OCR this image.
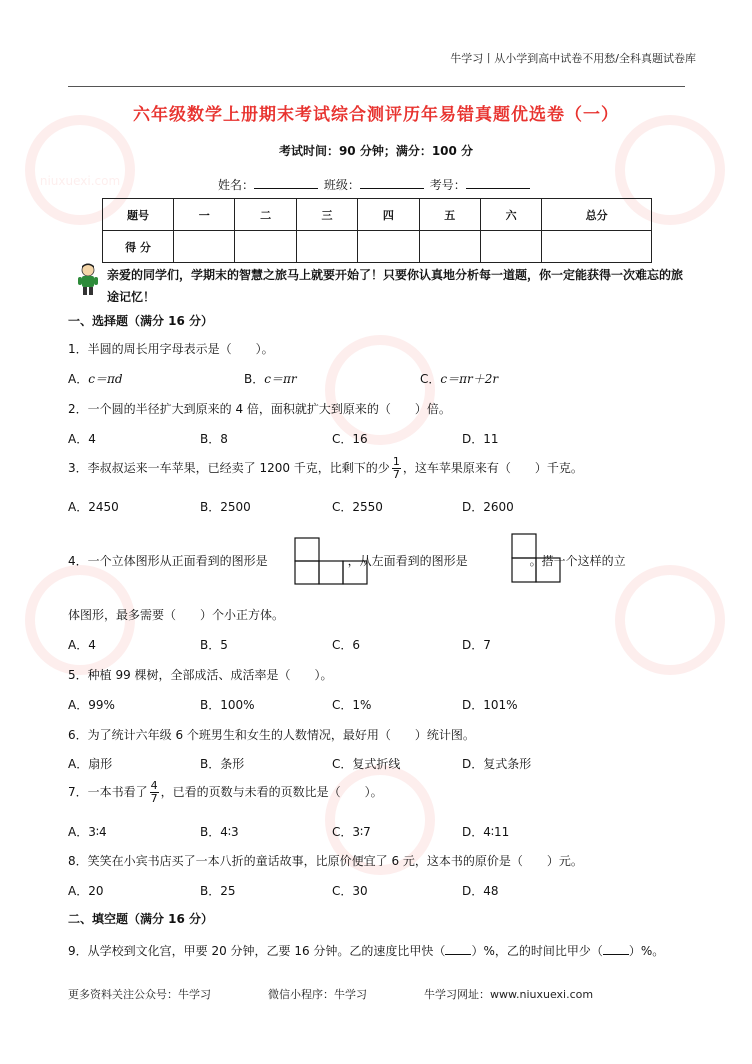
niuxuexi.com
牛学习丨从小学到高中试卷不用愁/全科真题试卷库
六年级数学上册期末考试综合测评历年易错真题优选卷（一）
考试时间：90 分钟；满分：100 分
姓名：	班级：	考号：
题号	一	二	三	四	五	六	总分
得 分							
亲爱的同学们，学期末的智慧之旅马上就要开始了！只要你认真地分析每一道题，你一定能获得一次难忘的旅途记忆！
一、选择题（满分 16 分）
1．半圆的周长用字母表示是（　　）。
A．c＝πd	B．c＝πr	C．c＝πr＋2r
2．一个圆的半径扩大到原来的 4 倍，面积就扩大到原来的（　　）倍。
A．4	B．8	C．16	D．11
3．李叔叔运来一车苹果，已经卖了 1200 千克，比剩下的少 $\frac{1}{7}$ ，这车苹果原来有（　　）千克。
A．2450	B．2500	C．2550	D．2600
4．一个立体图形从正面看到的图形是	，从左面看到的图形是	。搭一个这样的立
体图形，最多需要（　　）个小正方体。
A．4	B．5	C．6	D．7
5．种植 99 棵树，全部成活、成活率是（　　）。
A．99%	B．100%	C．1%	D．101%
6．为了统计六年级 6 个班男生和女生的人数情况，最好用（　　）统计图。
A．扇形	B．条形	C．复式折线	D．复式条形
7．一本书看了 $\frac{4}{7}$ ，已看的页数与未看的页数比是（　　）。
A．3∶4	B．4∶3	C．3∶7	D．4∶11
8．笑笑在小宾书店买了一本八折的童话故事，比原价便宜了 6 元，这本书的原价是（　　）元。
A．20	B．25	C．30	D．48
二、填空题（满分 16 分）
9．从学校到文化宫，甲要 20 分钟，乙要 16 分钟。乙的速度比甲快（ ）%，乙的时间比甲少（ ）%。
更多资料关注公众号：牛学习	微信小程序：牛学习	牛学习网址：www.niuxuexi.com
